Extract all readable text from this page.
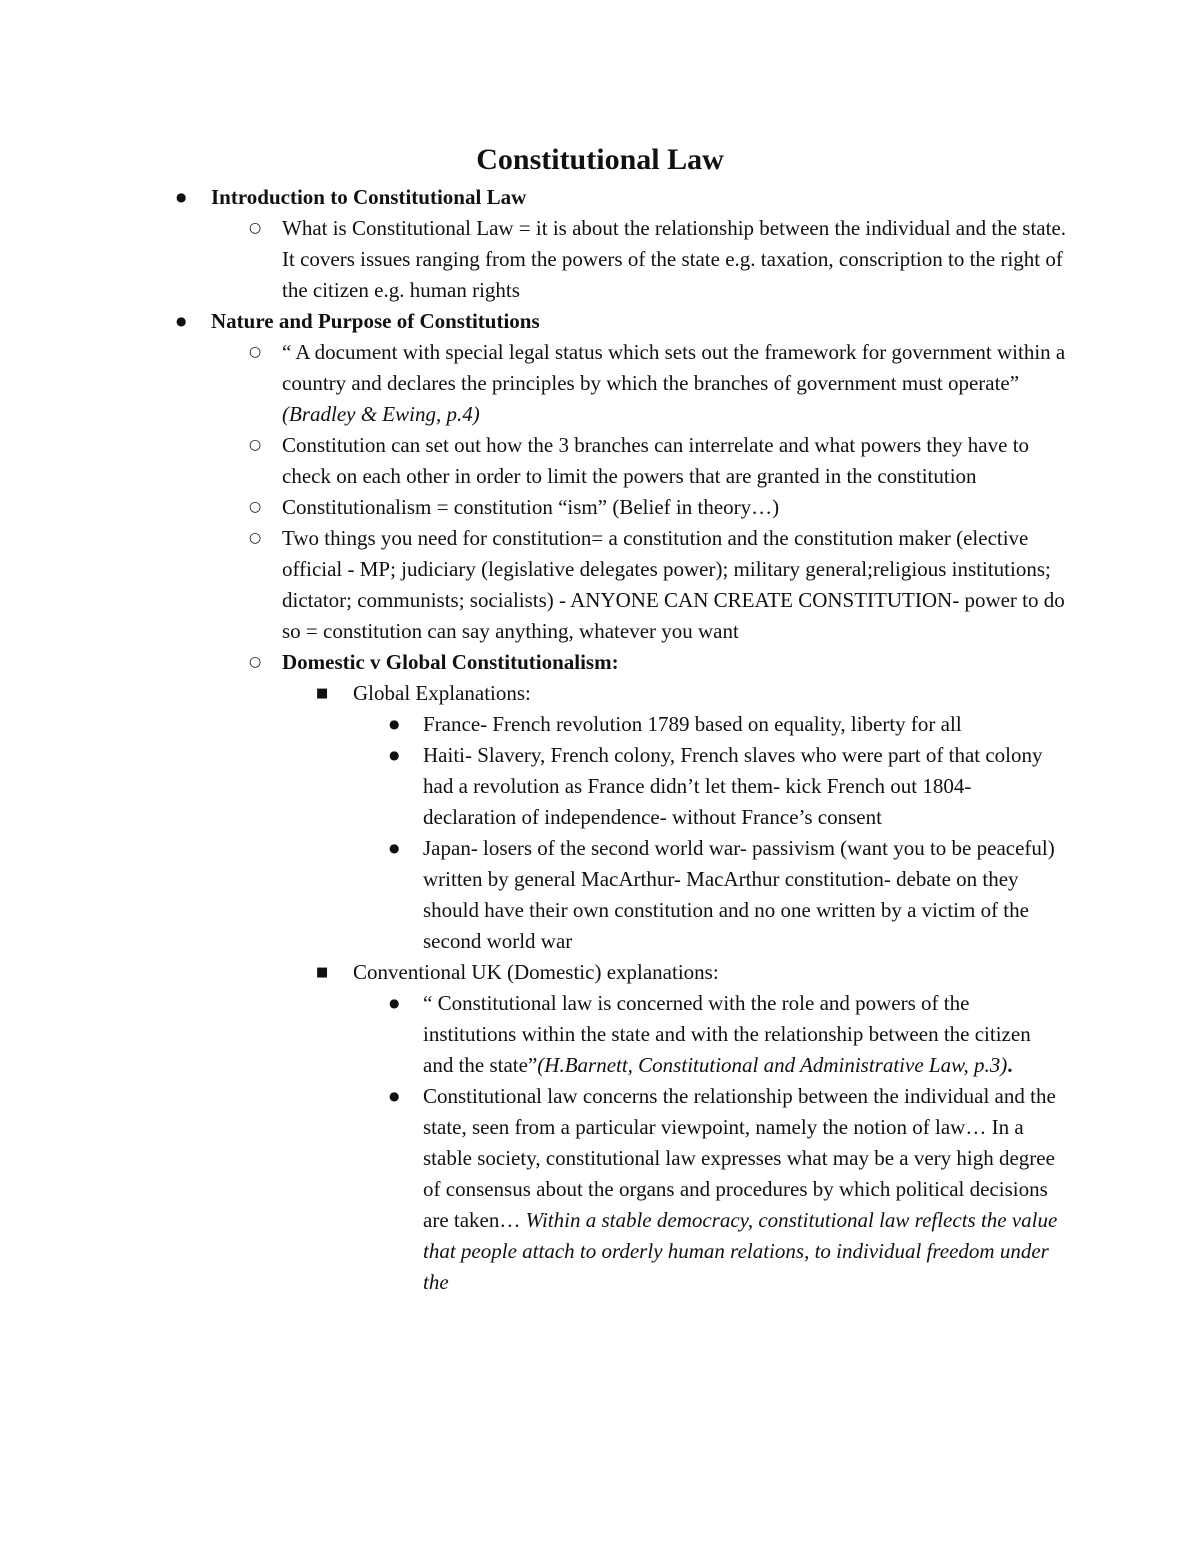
Constitutional Law
● Introduction to Constitutional Law
○ What is Constitutional Law = it is about the relationship between the individual and the state. It covers issues ranging from the powers of the state e.g. taxation, conscription to the right of the citizen e.g. human rights
● Nature and Purpose of Constitutions
○ “ A document with special legal status which sets out the framework for government within a country and declares the principles by which the branches of government must operate” (Bradley & Ewing, p.4)
○ Constitution can set out how the 3 branches can interrelate and what powers they have to check on each other in order to limit the powers that are granted in the constitution
○ Constitutionalism = constitution “ism” (Belief in theory…)
○ Two things you need for constitution= a constitution and the constitution maker (elective official - MP; judiciary (legislative delegates power); military general;religious institutions; dictator; communists; socialists) - ANYONE CAN CREATE CONSTITUTION- power to do so = constitution can say anything, whatever you want
○ Domestic v Global Constitutionalism:
■ Global Explanations:
● France- French revolution 1789 based on equality, liberty for all
● Haiti- Slavery, French colony, French slaves who were part of that colony had a revolution as France didn’t let them- kick French out 1804- declaration of independence- without France’s consent
● Japan- losers of the second world war- passivism (want you to be peaceful) written by general MacArthur- MacArthur constitution- debate on they should have their own constitution and no one written by a victim of the second world war
■ Conventional UK (Domestic) explanations:
● “ Constitutional law is concerned with the role and powers of the institutions within the state and with the relationship between the citizen and the state”(H.Barnett, Constitutional and Administrative Law, p.3).
● Constitutional law concerns the relationship between the individual and the state, seen from a particular viewpoint, namely the notion of law… In a stable society, constitutional law expresses what may be a very high degree of consensus about the organs and procedures by which political decisions are taken… Within a stable democracy, constitutional law reflects the value that people attach to orderly human relations, to individual freedom under the
